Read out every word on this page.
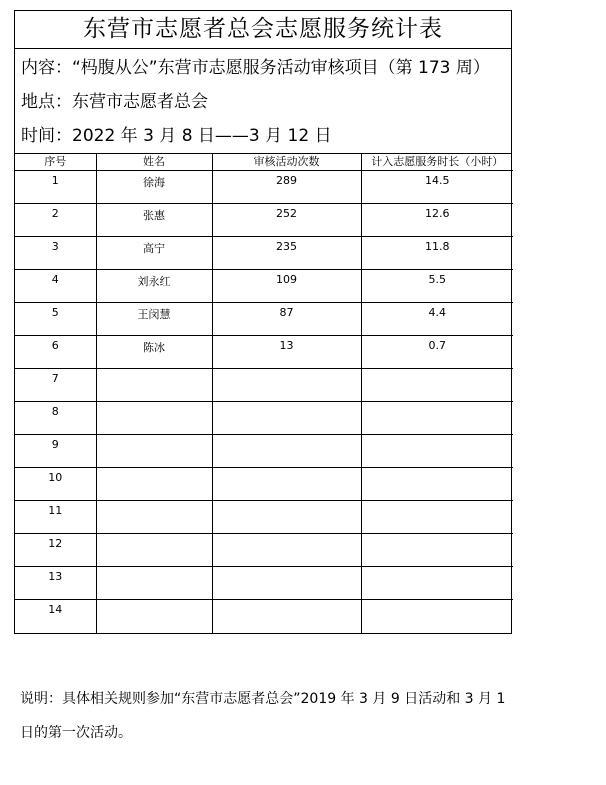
东营市志愿者总会志愿服务统计表

内容：“杩腹从公”东营市志愿服务活动审核项目（第 173 周）

地点：东营市志愿者总会
时间：2022 年 3 月 8 日——3 月 12 日
序号	姓名	审核活动次数	计入志愿服务时长（小时）
1	徐海	289	14.5
2	张惠	252	12.6
3	高宁	235	11.8
4	刘永红	109	5.5
5	王闵慧	87	4.4
6	陈冰	13	0.7
7			
8			
9			
10			
11			
12			
13			
14			
说明：具体相关规则参加“东营市志愿者总会”2019 年 3 月 9 日活动和 3 月 1 日的第一次活动。
